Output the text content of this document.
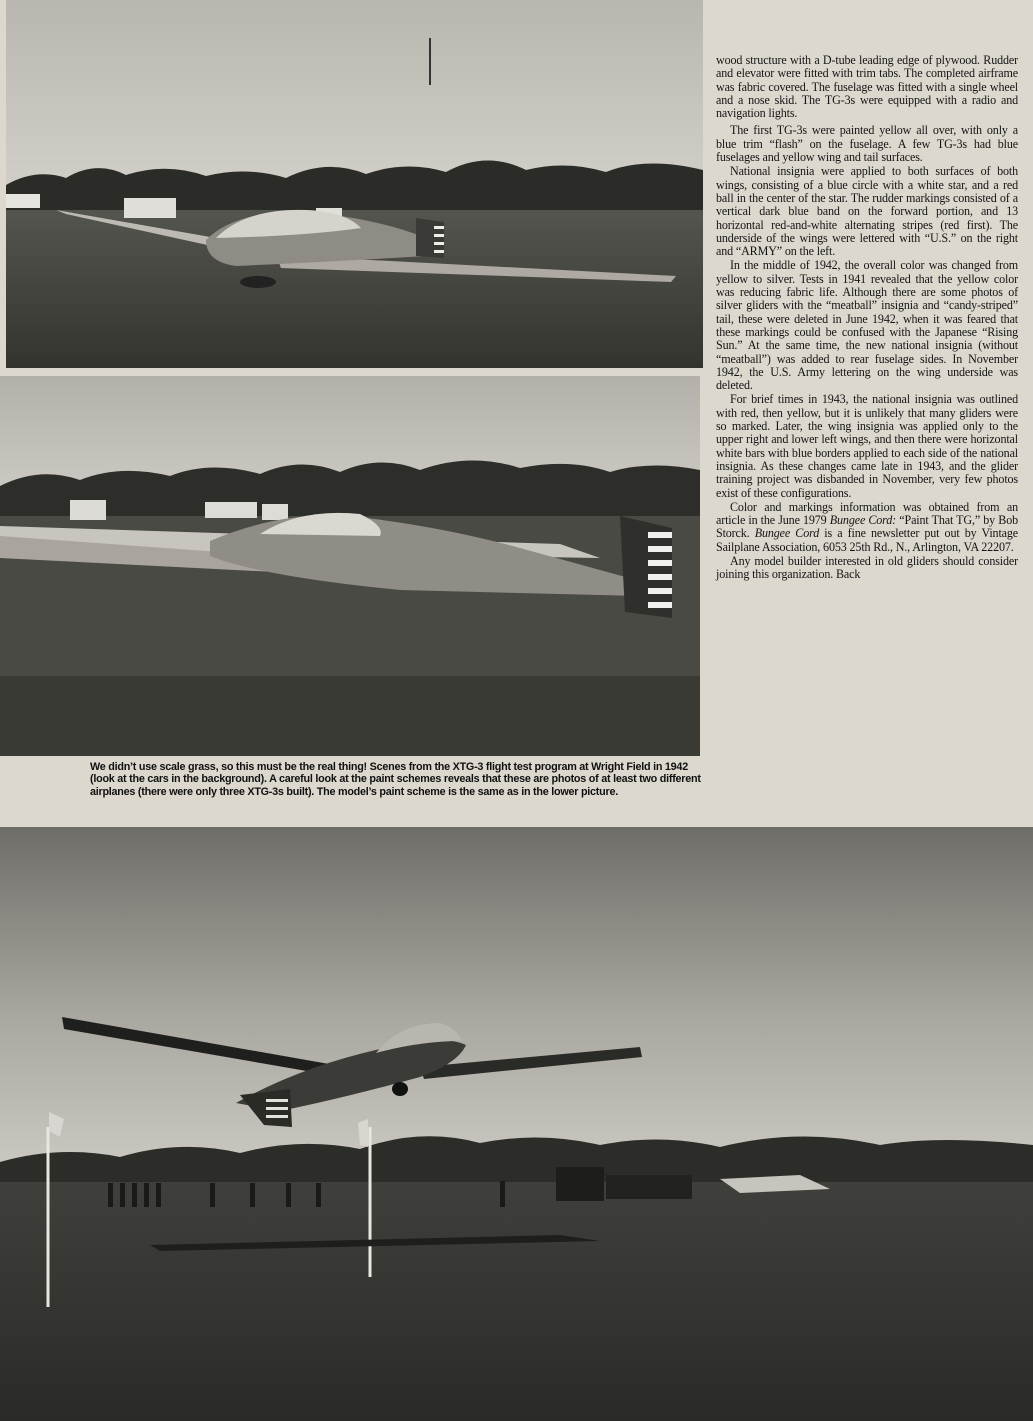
We didn’t use scale grass, so this must be the real thing! Scenes from the XTG-3 flight test program at Wright Field in 1942 (look at the cars in the background). A careful look at the paint schemes reveals that these are photos of at least two different airplanes (there were only three XTG-3s built). The model’s paint scheme is the same as in the lower picture.

wood structure with a D-tube leading edge of plywood. Rudder and elevator were fitted with trim tabs. The completed airframe was fabric covered. The fuselage was fitted with a single wheel and a nose skid. The TG-3s were equipped with a radio and navigation lights.

The first TG-3s were painted yellow all over, with only a blue trim “flash” on the fuselage. A few TG-3s had blue fuselages and yellow wing and tail surfaces.

National insignia were applied to both surfaces of both wings, consisting of a blue circle with a white star, and a red ball in the center of the star. The rudder markings consisted of a vertical dark blue band on the forward portion, and 13 horizontal red-and-white alternating stripes (red first). The underside of the wings were lettered with “U.S.” on the right and “ARMY” on the left.

In the middle of 1942, the overall color was changed from yellow to silver. Tests in 1941 revealed that the yellow color was reducing fabric life. Although there are some photos of silver gliders with the “meatball” insignia and “candy-striped” tail, these were deleted in June 1942, when it was feared that these markings could be confused with the Japanese “Rising Sun.” At the same time, the new national insignia (without “meatball”) was added to rear fuselage sides. In November 1942, the U.S. Army lettering on the wing underside was deleted.

For brief times in 1943, the national insignia was outlined with red, then yellow, but it is unlikely that many gliders were so marked. Later, the wing insignia was applied only to the upper right and lower left wings, and then there were horizontal white bars with blue borders applied to each side of the national insignia. As these changes came late in 1943, and the glider training project was disbanded in November, very few photos exist of these configurations.

Color and markings information was obtained from an article in the June 1979 Bungee Cord: “Paint That TG,” by Bob Storck. Bungee Cord is a fine newsletter put out by Vintage Sailplane Association, 6053 25th Rd., N., Arlington, VA 22207.

Any model builder interested in old gliders should consider joining this organization. Back
